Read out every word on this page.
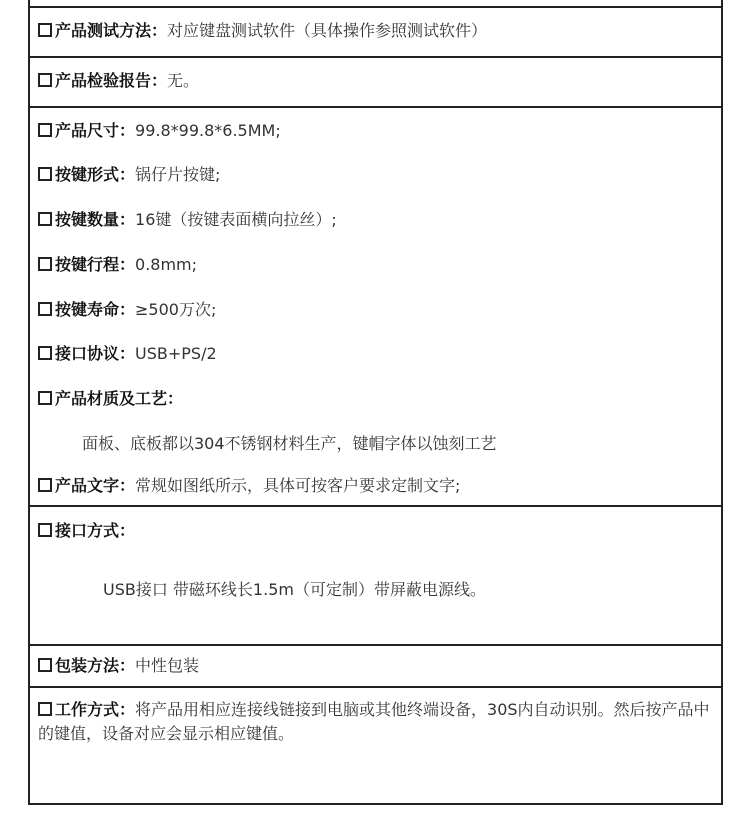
产品测试方法：对应键盘测试软件（具体操作参照测试软件）
产品检验报告：无。
产品尺寸：99.8*99.8*6.5MM;
按键形式：锅仔片按键;
按键数量：16键（按键表面横向拉丝）;
按键行程：0.8mm;
按键寿命：≥500万次;
接口协议：USB+PS/2
产品材质及工艺：
面板、底板都以304不锈钢材料生产，键帽字体以蚀刻工艺
产品文字：常规如图纸所示，具体可按客户要求定制文字;
接口方式：
USB接口 带磁环线长1.5m（可定制）带屏蔽电源线。
包装方法：中性包装
工作方式：将产品用相应连接线链接到电脑或其他终端设备，30S内自动识别。然后按产品中的键值，设备对应会显示相应键值。
